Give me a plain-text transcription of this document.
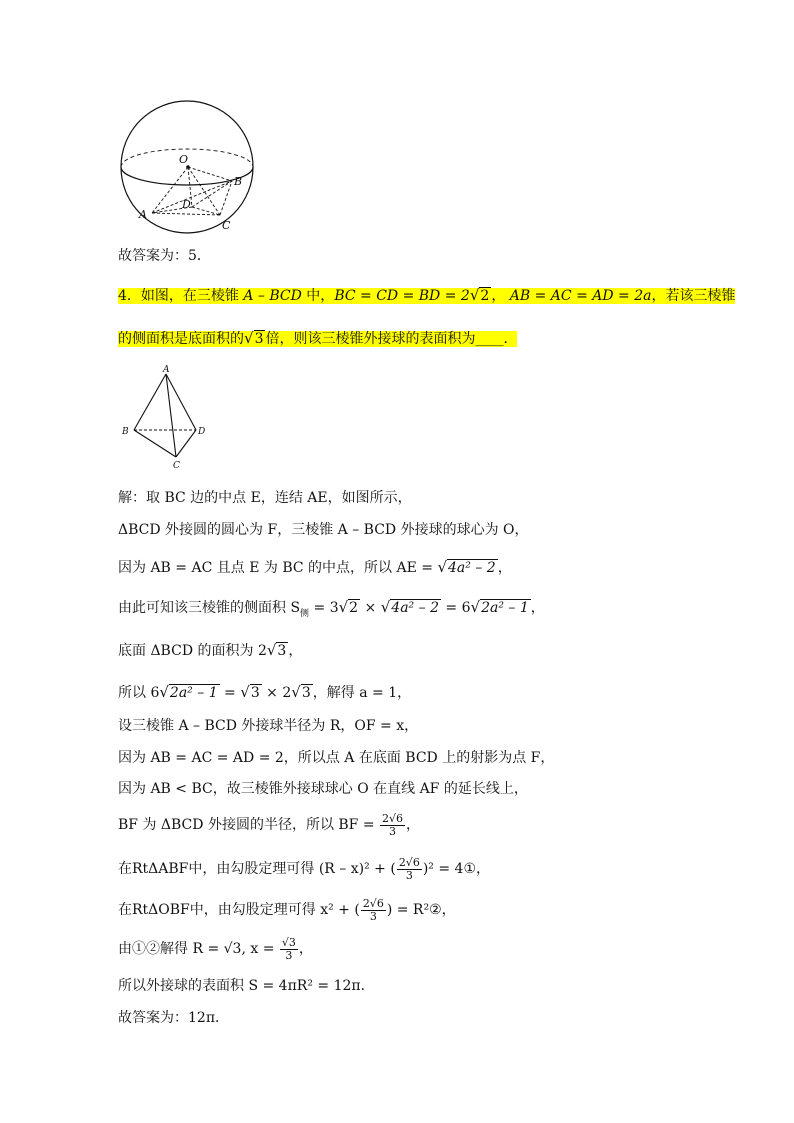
O
B
D
A
C
故答案为：5．
4．如图，在三棱锥 A – BCD 中，BC = CD = BD = 2√2 ， AB = AC = AD = 2a，若该三棱锥
的侧面积是底面积的√3 倍，则该三棱锥外接球的表面积为____．
A
B	D
C
解：取 BC 边的中点 E，连结 AE，如图所示，
ΔBCD 外接圆的圆心为 F，三棱锥 A – BCD 外接球的球心为 O，
因为 AB = AC 且点 E 为 BC 的中点，所以 AE = √4a² – 2 ，
由此可知该三棱锥的侧面积 $S_侧 = 3√2 \times √4a^2 - 2 = 6√2a^2 - 1$ ，
底面 ΔBCD 的面积为 2√3 ，
所以 6√2a² – 1 = √3 × 2√3 ，解得 a = 1，
设三棱锥 A – BCD 外接球半径为 R，OF = x，
因为 AB = AC = AD = 2，所以点 A 在底面 BCD 上的射影为点 F，
因为 AB < BC，故三棱锥外接球球心 O 在直线 AF 的延长线上，
BF 为 ΔBCD 外接圆的半径，所以 BF = $\frac{2√6}{3}$ ，
在RtΔABF中，由勾股定理可得 (R – x)² + ( $\frac{2√6}{3} )^2$ = 4①，
在RtΔOBF中，由勾股定理可得 x² + ( $\frac{2√6}{3}$ ) = R²②，
由①②解得 R = √3, $x = \frac{√3}{3}$ ，
所以外接球的表面积 S = 4πR² = 12π．
故答案为：12π．
